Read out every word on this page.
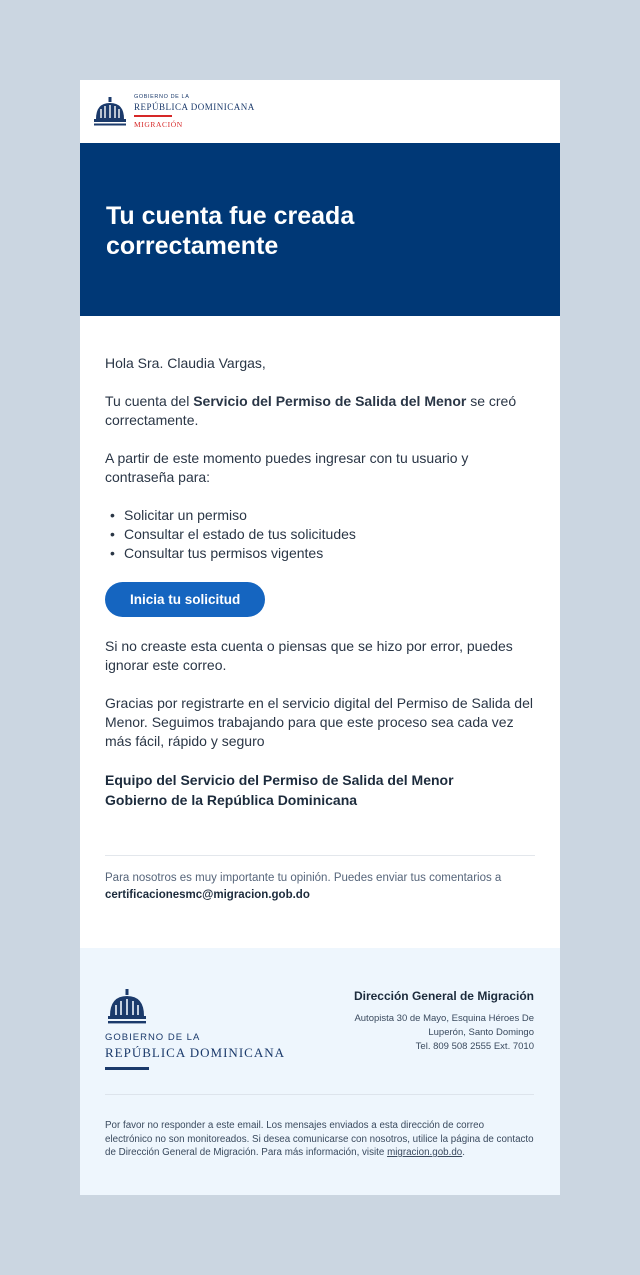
GOBIERNO DE LA
REPÚBLICA DOMINICANA
MIGRACIÓN
Tu cuenta fue creada correctamente

Hola Sra. Claudia Vargas,

Tu cuenta del Servicio del Permiso de Salida del Menor se creó correctamente.

A partir de este momento puedes ingresar con tu usuario y contraseña para:

• Solicitar un permiso
• Consultar el estado de tus solicitudes
• Consultar tus permisos vigentes
Inicia tu solicitud

Si no creaste esta cuenta o piensas que se hizo por error, puedes ignorar este correo.

Gracias por registrarte en el servicio digital del Permiso de Salida del Menor. Seguimos trabajando para que este proceso sea cada vez más fácil, rápido y seguro

Equipo del Servicio del Permiso de Salida del Menor
Gobierno de la República Dominicana
Para nosotros es muy importante tu opinión. Puedes enviar tus comentarios a
certificacionesmc@migracion.gob.do
GOBIERNO DE LA
REPÚBLICA DOMINICANA
Dirección General de Migración
Autopista 30 de Mayo, Esquina Héroes De
Luperón, Santo Domingo
Tel. 809 508 2555 Ext. 7010
Por favor no responder a este email. Los mensajes enviados a esta dirección de correo electrónico no son monitoreados. Si desea comunicarse con nosotros, utilice la página de contacto de Dirección General de Migración. Para más información, visite migracion.gob.do.
